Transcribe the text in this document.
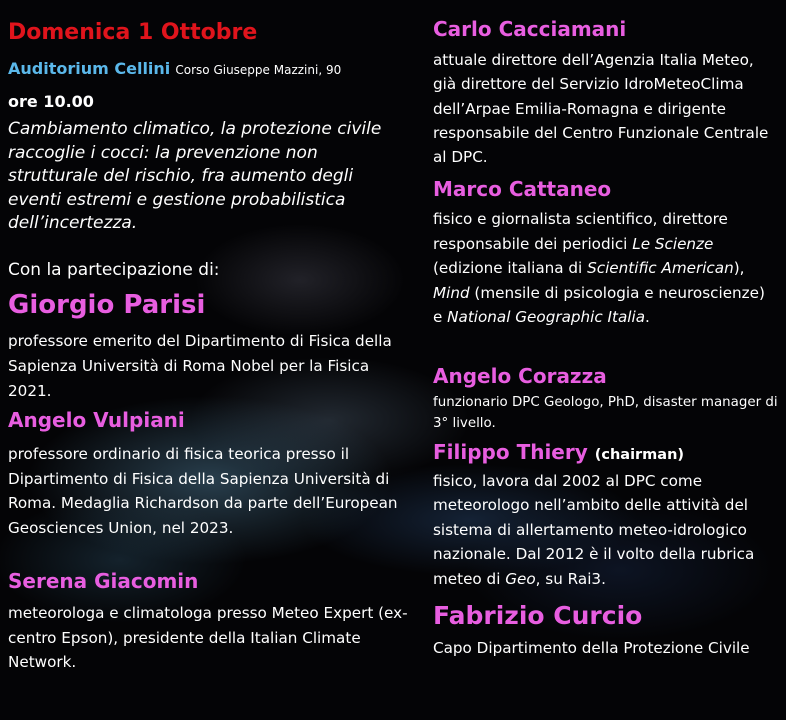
Domenica 1 Ottobre
Auditorium Cellini Corso Giuseppe Mazzini, 90
ore 10.00
Cambiamento climatico, la protezione civile raccoglie i cocci: la prevenzione non strutturale del rischio, fra aumento degli eventi estremi e gestione probabilistica dell’incertezza.
Con la partecipazione di:
Giorgio Parisi
professore emerito del Dipartimento di Fisica della Sapienza Università di Roma Nobel per la Fisica 2021.
Angelo Vulpiani
professore ordinario di fisica teorica presso il Dipartimento di Fisica della Sapienza Università di Roma. Medaglia Richardson da parte dell’European Geosciences Union, nel 2023.
Serena Giacomin
meteorologa e climatologa presso Meteo Expert (ex-centro Epson), presidente della Italian Climate Network.
Carlo Cacciamani
attuale direttore dell’Agenzia Italia Meteo, già direttore del Servizio IdroMeteoClima dell’Arpae Emilia-Romagna e dirigente responsabile del Centro Funzionale Centrale al DPC.
Marco Cattaneo
fisico e giornalista scientifico, direttore responsabile dei periodici Le Scienze (edizione italiana di Scientific American), Mind (mensile di psicologia e neuroscienze) e National Geographic Italia.
Angelo Corazza
funzionario DPC Geologo, PhD, disaster manager di 3° livello.
Filippo Thiery (chairman)
fisico, lavora dal 2002 al DPC come meteorologo nell’ambito delle attività del sistema di allertamento meteo-idrologico nazionale. Dal 2012 è il volto della rubrica meteo di Geo, su Rai3.
Fabrizio Curcio
Capo Dipartimento della Protezione Civile
